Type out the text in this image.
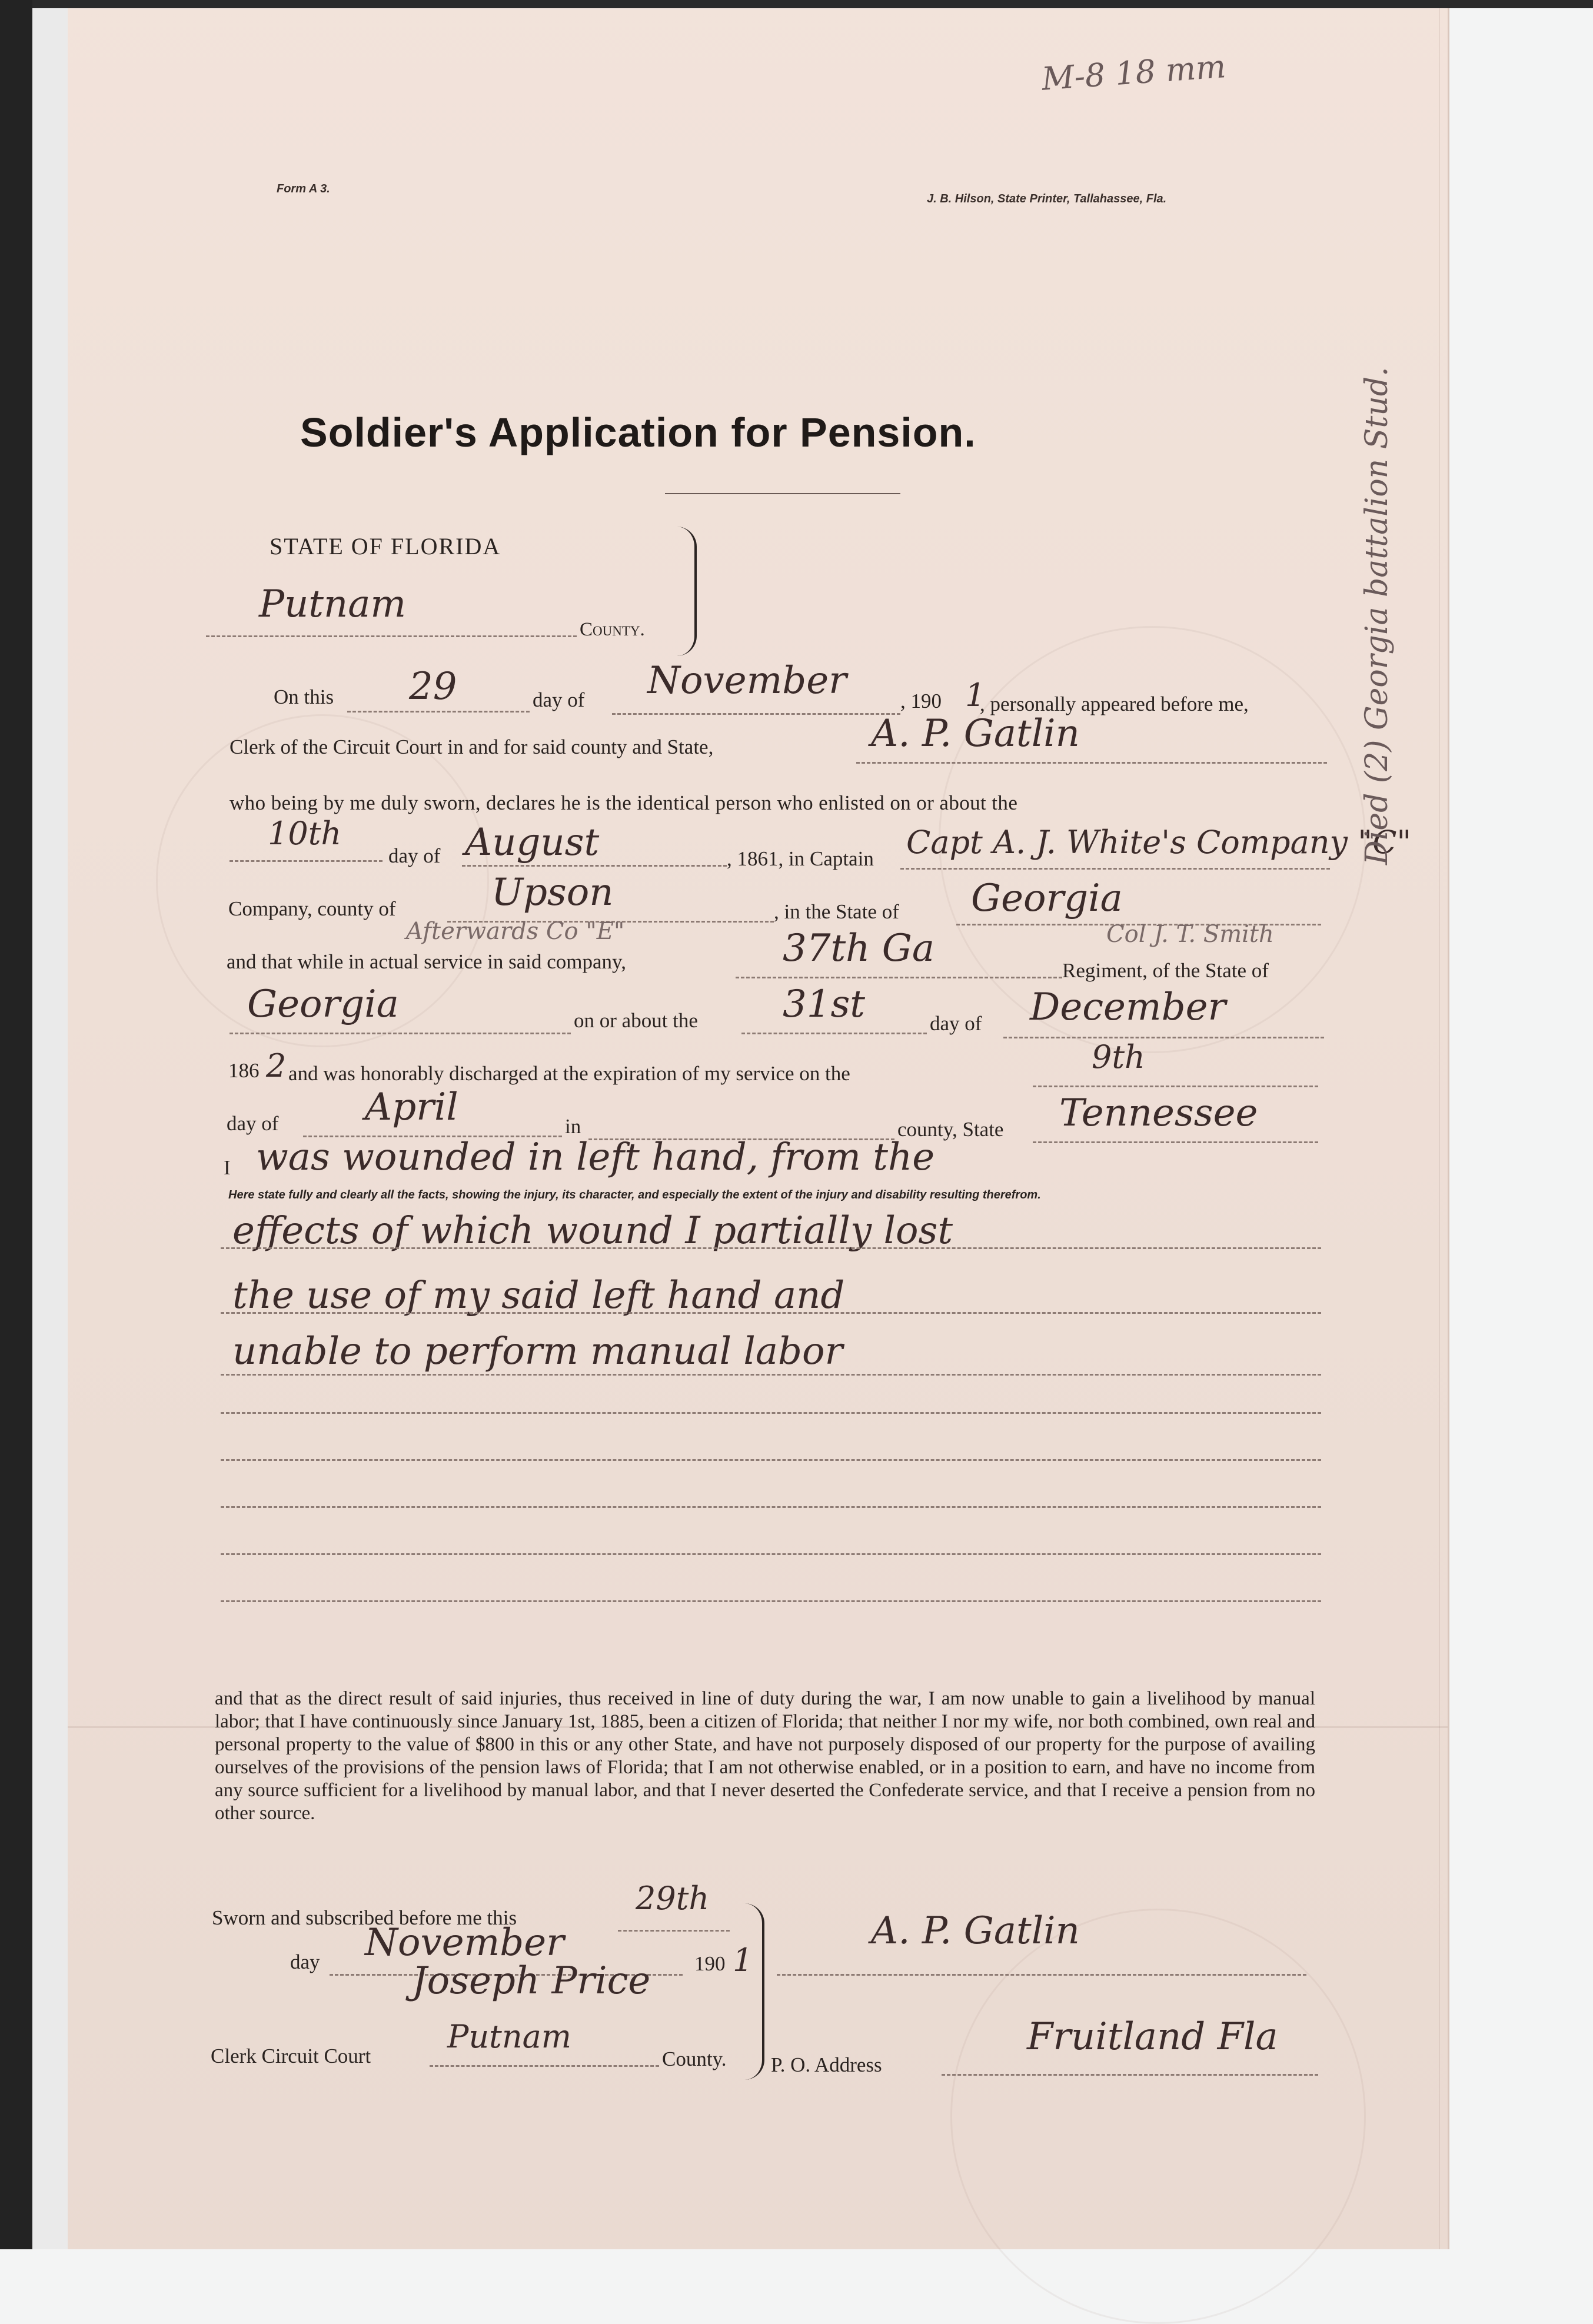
Form A 3.
J. B. Hilson, State Printer, Tallahassee, Fla.
M-8 18 mm
Soldier's Application for Pension.
STATE OF FLORIDA
Putnam
County.
On this 29	day of November	, 190 1
, personally appeared before me,
Clerk of the Circuit Court in and for said county and State,	A. P. Gatlin
who being by me duly sworn, declares he is the identical person who enlisted on or about the
10th
day of August	, 1861, in Captain Capt A. J. White's Company "C"
Company, county of	Upson	, in the State of Georgia
Afterwards Co "E"	Col J. T. Smith
and that while in actual service in said company,	37th Ga
Regiment, of the State of
Georgia	on or about the 31st	day of December
186 2 and was honorably discharged at the expiration of my service on the	9th
day of April	in	county, State Tennessee
I was wounded in left hand, from the
Here state fully and clearly all the facts, showing the injury, its character, and especially the extent of the injury and disability resulting therefrom.
effects of which wound I partially lost
the use of my said left hand and
unable to perform manual labor
and that as the direct result of said injuries, thus received in line of duty during the war, I am now unable to gain a livelihood by manual labor; that I have continuously since January 1st, 1885, been a citizen of Florida; that neither I nor my wife, nor both combined, own real and personal property to the value of $800 in this or any other State, and have not purposely disposed of our property for the purpose of availing ourselves of the provisions of the pension laws of Florida; that I am not otherwise enabled, or in a position to earn, and have no income from any source sufficient for a livelihood by manual labor, and that I never deserted the Confederate service, and that I receive a pension from no other source.
Sworn and subscribed before me this
29th
day November	190 1
Joseph Price
Clerk Circuit Court
Putnam
County.
A. P. Gatlin
P. O. Address
Fruitland Fla
Died (2) Georgia battalion Stud.
